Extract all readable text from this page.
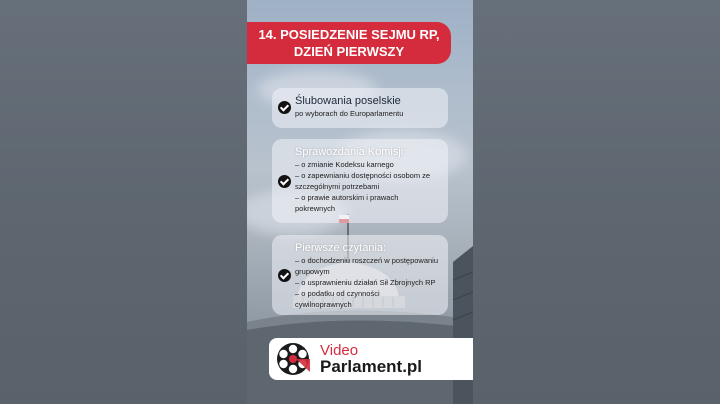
14. POSIEDZENIE SEJMU RP,
DZIEŃ PIERWSZY
Ślubowania poselskie
po wyborach do Europarlamentu
Sprawozdania Komisji:
– o zmianie Kodeksu karnego
– o zapewnianiu dostępności osobom ze
szczególnymi potrzebami
– o prawie autorskim i prawach
pokrewnych
Pierwsze czytania:
– o dochodzeniu roszczeń w postępowaniu
grupowym
– o usprawnieniu działań Sił Zbrojnych RP
– o podatku od czynności
cywilnoprawnych
Video
Parlament.pl
